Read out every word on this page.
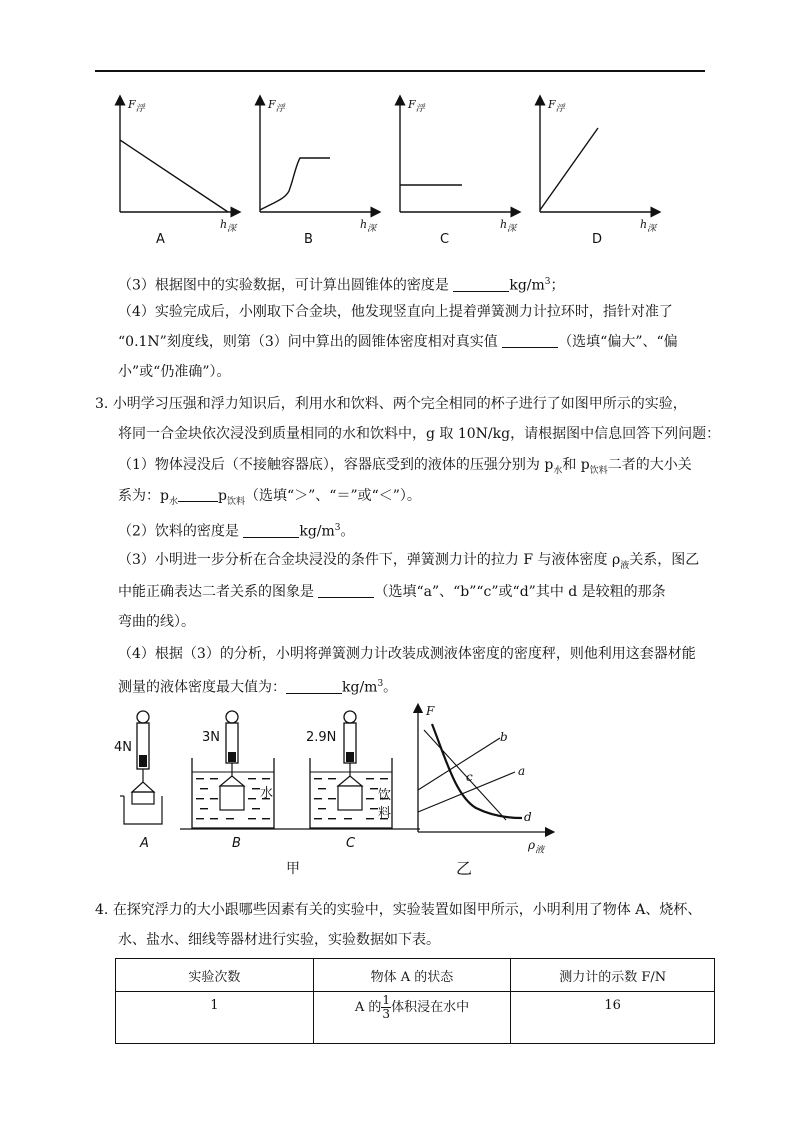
$F_浮$
$h_深$
$F_浮$
$h_深$
$F_浮$
$h_深$
$F_浮$
$h_深$
A	B	C	D
（3）根据图中的实验数据，可计算出圆锥体的密度是	$kg/m^3$；
（4）实验完成后，小刚取下合金块，他发现竖直向上提着弹簧测力计拉环时，指针对准了
“0.1N”刻度线，则第（3）问中算出的圆锥体密度相对真实值	（选填“偏大”、“偏
小”或“仍准确”）。
3. 小明学习压强和浮力知识后，利用水和饮料、两个完全相同的杯子进行了如图甲所示的实验，
将同一合金块依次浸没到质量相同的水和饮料中，g 取 10N/kg，请根据图中信息回答下列问题：
（1）物体浸没后（不接触容器底），容器底受到的液体的压强分别为 $p_水$和 $p_{饮料}$二者的大小关
系为：$p_水$	$p_{饮料}$（选填“＞”、“＝”或“＜”）。
（2）饮料的密度是	$kg/m^3$。
（3）小明进一步分析在合金块浸没的条件下，弹簧测力计的拉力 F 与液体密度 $\rho_液$关系，图乙
中能正确表达二者关系的图象是	（选填“a”、“b”“c”或“d”其中 d 是较粗的那条
弯曲的线）。
（4）根据（3）的分析，小明将弹簧测力计改装成测液体密度的密度秤，则他利用这套器材能
测量的液体密度最大值为：	$kg/m^3$。
4N
3N	2.9N
水	饮
料
A	B	C
甲
F
$\rho_液$
b
a
c
d
乙
4. 在探究浮力的大小跟哪些因素有关的实验中，实验装置如图甲所示，小明利用了物体 A、烧杯、
水、盐水、细线等器材进行实验，实验数据如下表。
实验次数	物体 A 的状态	测力计的示数 F/N
1	A 的 $\frac{1}{3}$ 体积浸在水中	16
